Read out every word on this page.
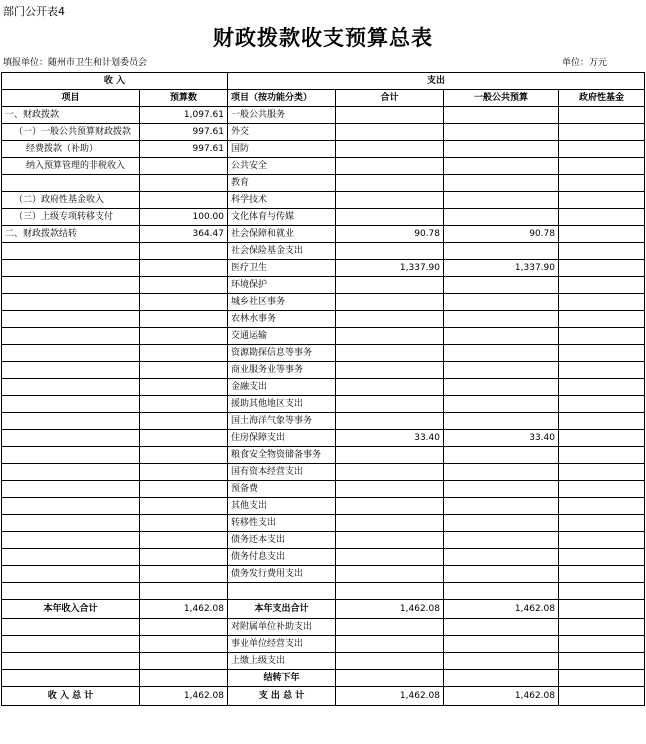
部门公开表4
财政拨款收支预算总表
填报单位：随州市卫生和计划委员会	单位：万元
收 入		支出			
项目	预算数	项目（按功能分类）	合计	一般公共预算	政府性基金
一、财政拨款	1,097.61	一般公共服务			
（一）一般公共预算财政拨款	997.61	外交			
经费拨款（补助）	997.61	国防			
纳入预算管理的非税收入		公共安全			
		教育			
（二）政府性基金收入		科学技术			
（三）上级专项转移支付	100.00	文化体育与传媒			
二、财政拨款结转	364.47	社会保障和就业	90.78	90.78	
		社会保险基金支出			
		医疗卫生	1,337.90	1,337.90	
		环境保护			
		城乡社区事务			
		农林水事务			
		交通运输			
		资源勘探信息等事务			
		商业服务业等事务			
		金融支出			
		援助其他地区支出			
		国土海洋气象等事务			
		住房保障支出	33.40	33.40	
		粮食安全物资储备事务			
		国有资本经营支出			
		预备费			
		其他支出			
		转移性支出			
		债务还本支出			
		债务付息支出			
		债务发行费用支出			

本年收入合计	1,462.08	本年支出合计	1,462.08	1,462.08	
		对附属单位补助支出			
		事业单位经营支出			
		上缴上级支出			
		结转下年			
收 入 总 计	1,462.08	支 出 总 计	1,462.08	1,462.08	
